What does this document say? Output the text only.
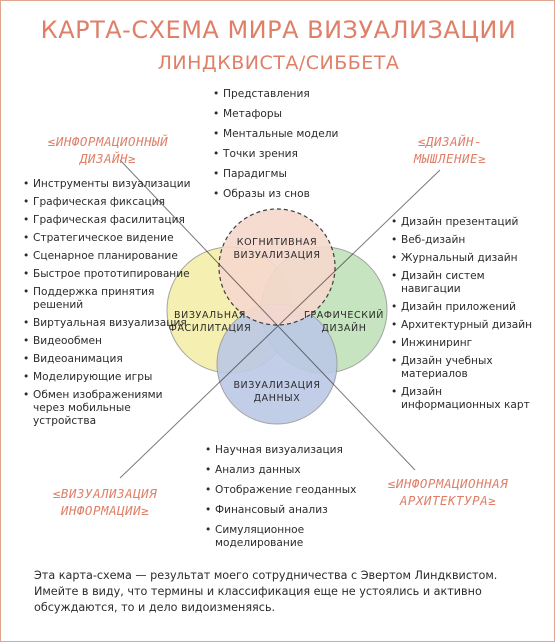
КАРТА-СХЕМА МИРА ВИЗУАЛИЗАЦИИ
ЛИНДКВИСТА/СИББЕТА
КОГНИТИВНАЯ
ВИЗУАЛИЗАЦИЯ
ВИЗУАЛЬНАЯ
ФАСИЛИТАЦИЯ
ГРАФИЧЕСКИЙ
ДИЗАЙН
ВИЗУАЛИЗАЦИЯ
ДАННЫХ
≤ИНФОРМАЦИОННЫЙ ДИЗАЙН≥
≤ДИЗАЙН-МЫШЛЕНИЕ≥
≤ВИЗУАЛИЗАЦИЯ ИНФОРМАЦИИ≥
≤ИНФОРМАЦИОННАЯ АРХИТЕКТУРА≥
• Представления
• Метафоры
• Ментальные модели
• Точки зрения
• Парадигмы
• Образы из снов
• Инструменты визуализации
• Графическая фиксация
• Графическая фасилитация
• Стратегическое видение
• Сценарное планирование
• Быстрое прототипирование
• Поддержка принятия решений
• Виртуальная визуализация
• Видеообмен
• Видеоанимация
• Моделирующие игры
• Обмен изображениями через мобильные устройства
• Дизайн презентаций
• Веб-дизайн
• Журнальный дизайн
• Дизайн систем навигации
• Дизайн приложений
• Архитектурный дизайн
• Инжиниринг
• Дизайн учебных материалов
• Дизайн информационных карт
• Научная визуализация
• Анализ данных
• Отображение геоданных
• Финансовый анализ
• Симуляционное моделирование
Эта карта-схема — результат моего сотрудничества с Эвертом Линдквистом. Имейте в виду, что термины и классификация еще не устоялись и активно обсуждаются, то и дело видоизменяясь.
